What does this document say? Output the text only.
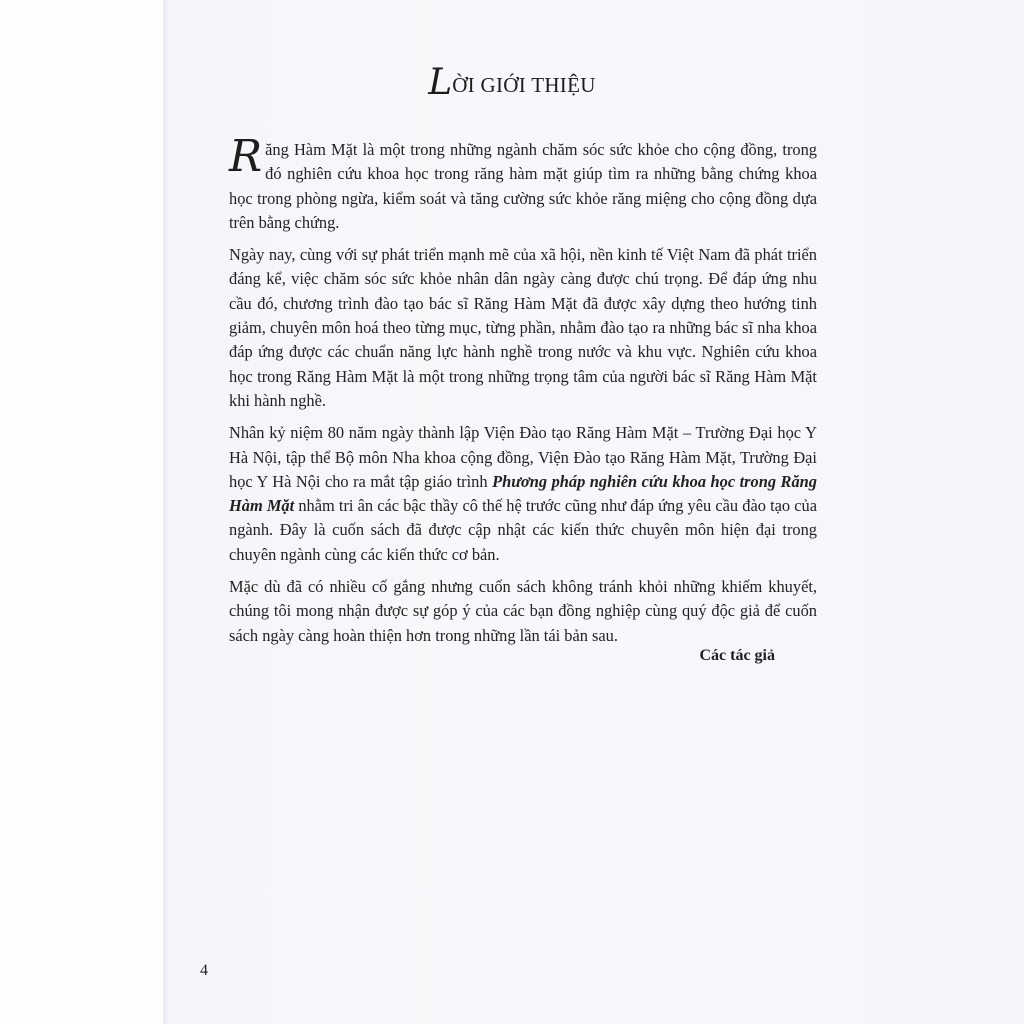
LỜI GIỚI THIỆU

Răng Hàm Mặt là một trong những ngành chăm sóc sức khỏe cho cộng đồng, trong đó nghiên cứu khoa học trong răng hàm mặt giúp tìm ra những bằng chứng khoa học trong phòng ngừa, kiểm soát và tăng cường sức khỏe răng miệng cho cộng đồng dựa trên bằng chứng.

Ngày nay, cùng với sự phát triển mạnh mẽ của xã hội, nền kinh tế Việt Nam đã phát triển đáng kể, việc chăm sóc sức khỏe nhân dân ngày càng được chú trọng. Để đáp ứng nhu cầu đó, chương trình đào tạo bác sĩ Răng Hàm Mặt đã được xây dựng theo hướng tinh giảm, chuyên môn hoá theo từng mục, từng phần, nhằm đào tạo ra những bác sĩ nha khoa đáp ứng được các chuẩn năng lực hành nghề trong nước và khu vực. Nghiên cứu khoa học trong Răng Hàm Mặt là một trong những trọng tâm của người bác sĩ Răng Hàm Mặt khi hành nghề.

Nhân kỷ niệm 80 năm ngày thành lập Viện Đào tạo Răng Hàm Mặt – Trường Đại học Y Hà Nội, tập thể Bộ môn Nha khoa cộng đồng, Viện Đào tạo Răng Hàm Mặt, Trường Đại học Y Hà Nội cho ra mắt tập giáo trình Phương pháp nghiên cứu khoa học trong Răng Hàm Mặt nhằm tri ân các bậc thầy cô thế hệ trước cũng như đáp ứng yêu cầu đào tạo của ngành. Đây là cuốn sách đã được cập nhật các kiến thức chuyên môn hiện đại trong chuyên ngành cùng các kiến thức cơ bản.

Mặc dù đã có nhiều cố gắng nhưng cuốn sách không tránh khỏi những khiếm khuyết, chúng tôi mong nhận được sự góp ý của các bạn đồng nghiệp cùng quý độc giả để cuốn sách ngày càng hoàn thiện hơn trong những lần tái bản sau.

Các tác giả
4
